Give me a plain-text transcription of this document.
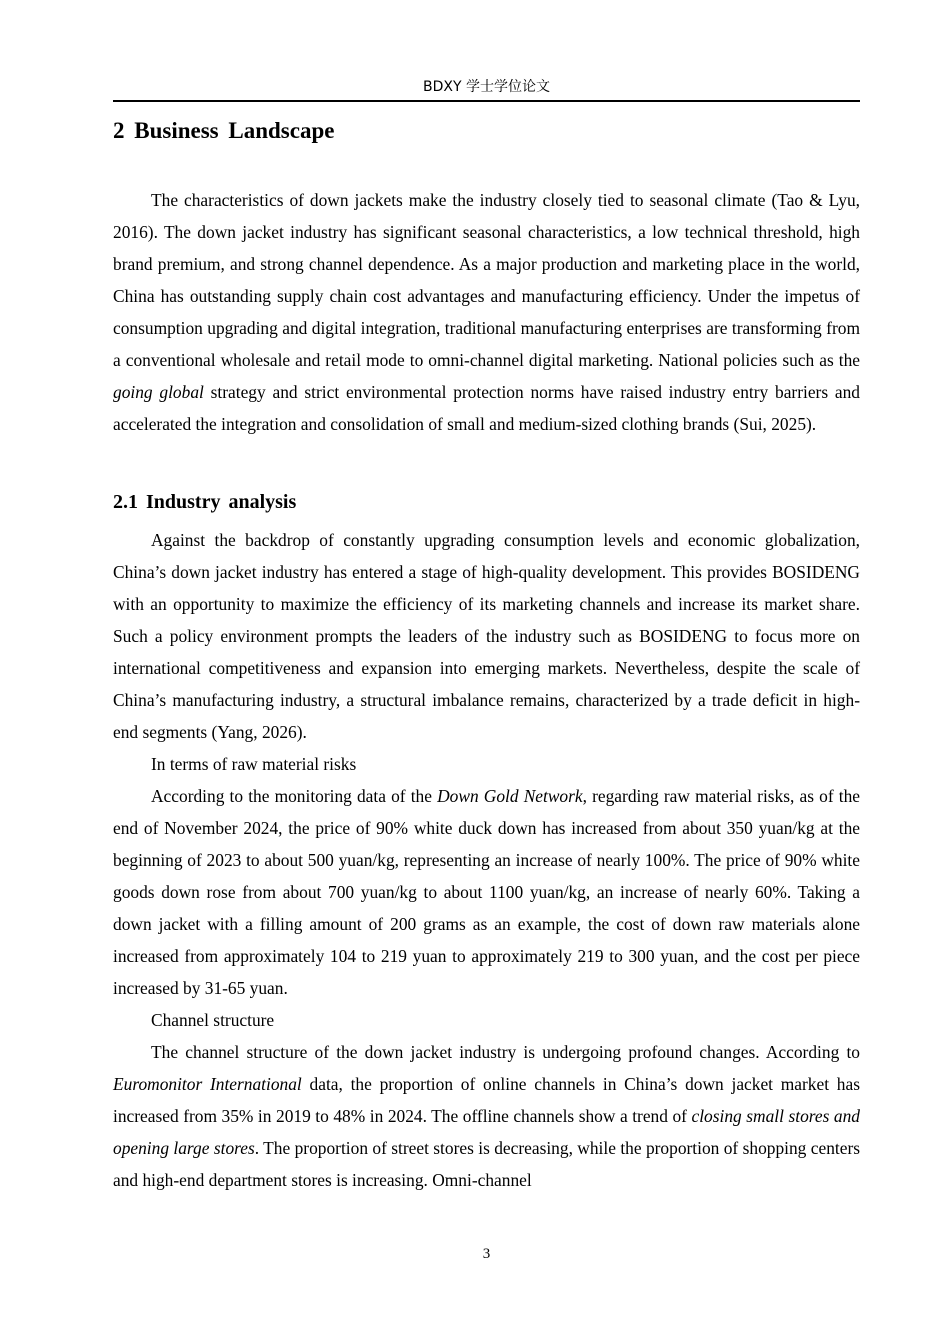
BDXY 学士学位论文
2 Business Landscape

The characteristics of down jackets make the industry closely tied to seasonal climate (Tao & Lyu, 2016). The down jacket industry has significant seasonal characteristics, a low technical threshold, high brand premium, and strong channel dependence. As a major production and marketing place in the world, China has outstanding supply chain cost advantages and manufacturing efficiency. Under the impetus of consumption upgrading and digital integration, traditional manufacturing enterprises are transforming from a conventional wholesale and retail mode to omni-channel digital marketing. National policies such as the going global strategy and strict environmental protection norms have raised industry entry barriers and accelerated the integration and consolidation of small and medium-sized clothing brands (Sui, 2025).

2.1 Industry analysis

Against the backdrop of constantly upgrading consumption levels and economic globalization, China’s down jacket industry has entered a stage of high-quality development. This provides BOSIDENG with an opportunity to maximize the efficiency of its marketing channels and increase its market share. Such a policy environment prompts the leaders of the industry such as BOSIDENG to focus more on international competitiveness and expansion into emerging markets. Nevertheless, despite the scale of China’s manufacturing industry, a structural imbalance remains, characterized by a trade deficit in high-end segments (Yang, 2026).

In terms of raw material risks

According to the monitoring data of the Down Gold Network, regarding raw material risks, as of the end of November 2024, the price of 90% white duck down has increased from about 350 yuan/kg at the beginning of 2023 to about 500 yuan/kg, representing an increase of nearly 100%. The price of 90% white goods down rose from about 700 yuan/kg to about 1100 yuan/kg, an increase of nearly 60%. Taking a down jacket with a filling amount of 200 grams as an example, the cost of down raw materials alone increased from approximately 104 to 219 yuan to approximately 219 to 300 yuan, and the cost per piece increased by 31-65 yuan.

Channel structure

The channel structure of the down jacket industry is undergoing profound changes. According to Euromonitor International data, the proportion of online channels in China’s down jacket market has increased from 35% in 2019 to 48% in 2024. The offline channels show a trend of closing small stores and opening large stores. The proportion of street stores is decreasing, while the proportion of shopping centers and high-end department stores is increasing. Omni-channel

3
